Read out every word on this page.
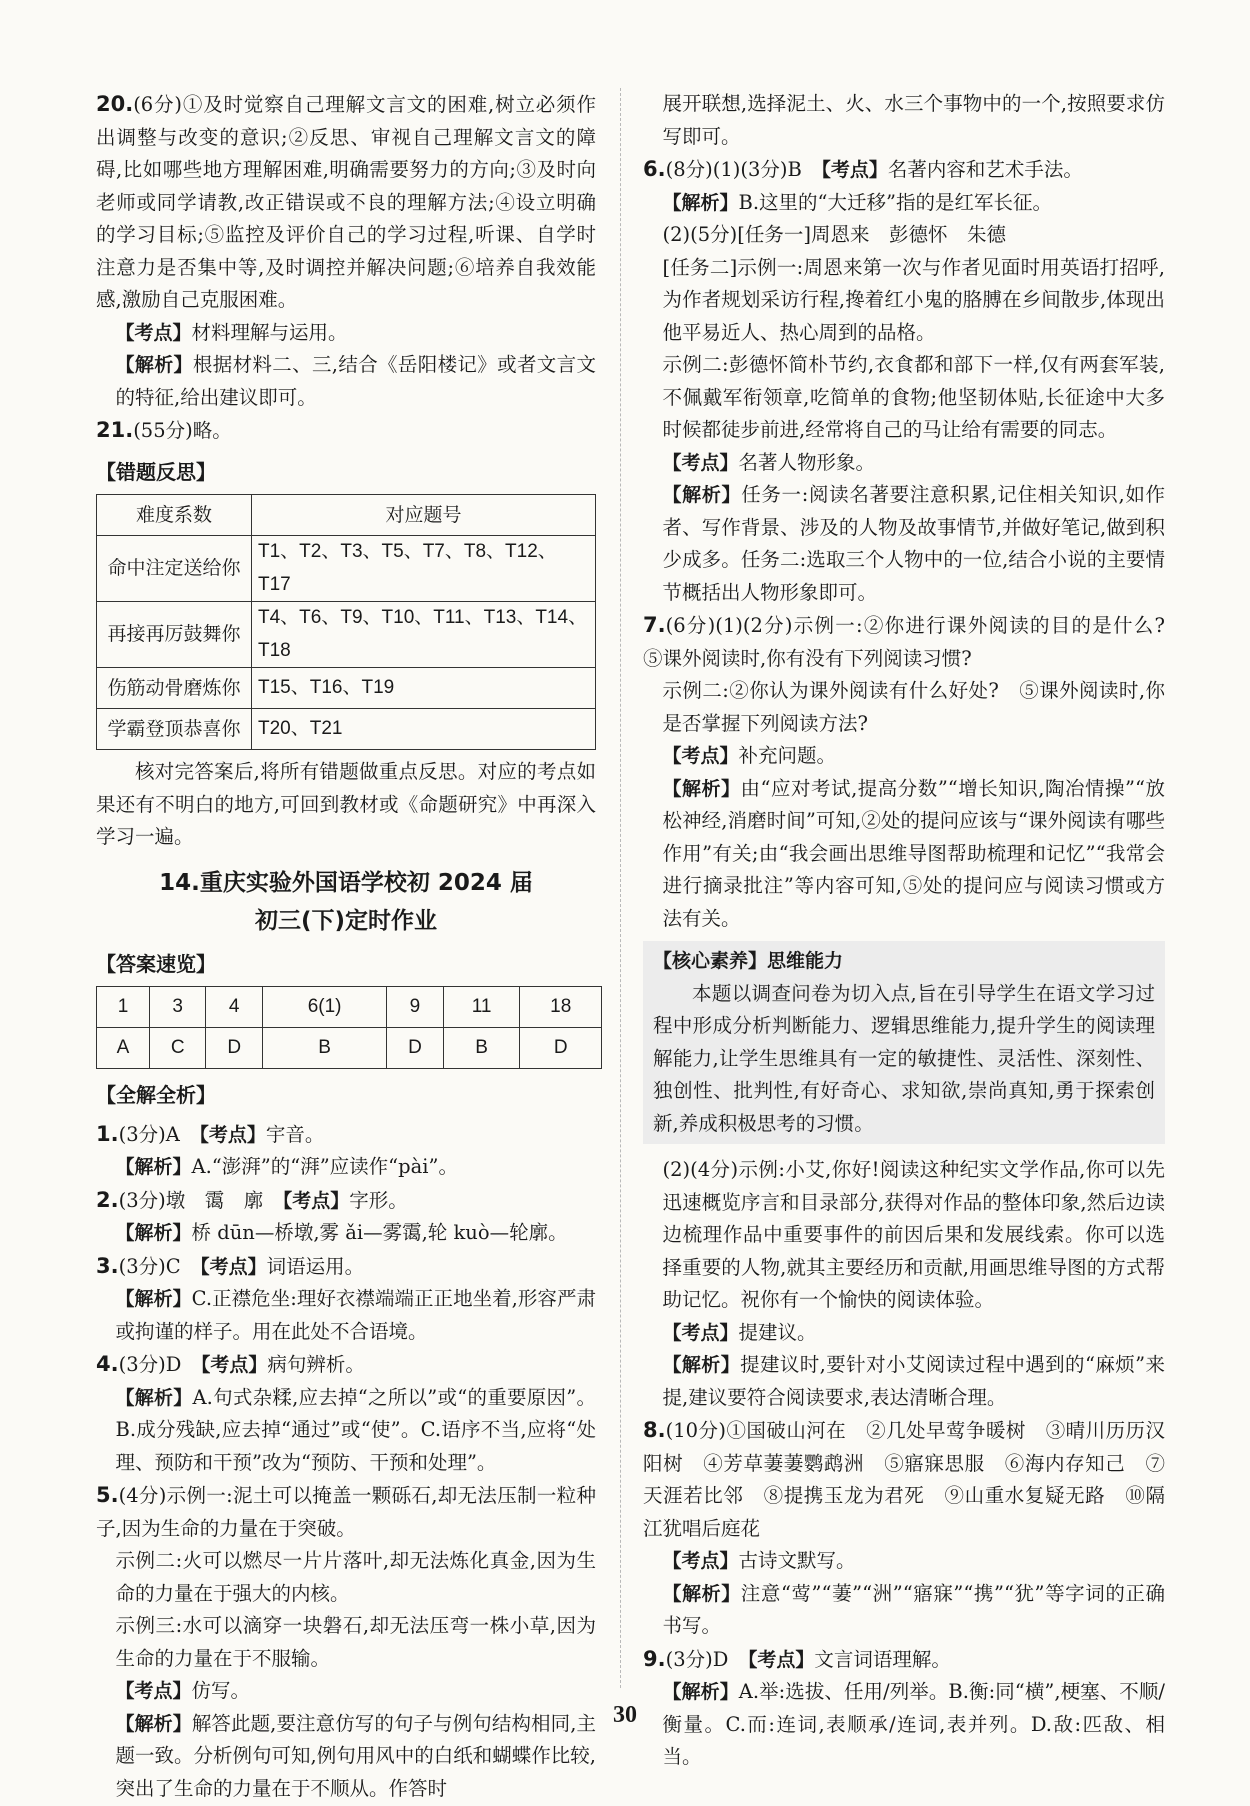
20.(6分)①及时觉察自己理解文言文的困难,树立必须作出调整与改变的意识;②反思、审视自己理解文言文的障碍,比如哪些地方理解困难,明确需要努力的方向;③及时向老师或同学请教,改正错误或不良的理解方法;④设立明确的学习目标;⑤监控及评价自己的学习过程,听课、自学时注意力是否集中等,及时调控并解决问题;⑥培养自我效能感,激励自己克服困难。

【考点】材料理解与运用。

【解析】根据材料二、三,结合《岳阳楼记》或者文言文的特征,给出建议即可。

21.(55分)略。

【错题反思】
难度系数	对应题号
命中注定送给你	T1、T2、T3、T5、T7、T8、T12、T17
再接再厉鼓舞你	T4、T6、T9、T10、T11、T13、T14、T18
伤筋动骨磨炼你	T15、T16、T19
学霸登顶恭喜你	T20、T21

核对完答案后,将所有错题做重点反思。对应的考点如果还有不明白的地方,可回到教材或《命题研究》中再深入学习一遍。

14.重庆实验外国语学校初 2024 届
初三(下)定时作业
【答案速览】
1	3	4	6(1)	9	11	18
A	C	D	B	D	B	D
【全解全析】

1.(3分)A　 【考点】宇音。

【解析】A.“澎湃”的“湃”应读作“pài”。

2.(3分)墩　霭　廓　 【考点】字形。

【解析】桥 dūn—桥墩,雾 ǎi—雾霭,轮 kuò—轮廓。

3.(3分)C　 【考点】词语运用。

【解析】C.正襟危坐:理好衣襟端端正正地坐着,形容严肃或拘谨的样子。用在此处不合语境。

4.(3分)D　 【考点】病句辨析。

【解析】A.句式杂糅,应去掉“之所以”或“的重要原因”。B.成分残缺,应去掉“通过”或“使”。C.语序不当,应将“处理、预防和干预”改为“预防、干预和处理”。

5.(4分)示例一:泥土可以掩盖一颗砾石,却无法压制一粒种子,因为生命的力量在于突破。

示例二:火可以燃尽一片片落叶,却无法炼化真金,因为生命的力量在于强大的内核。

示例三:水可以滴穿一块磐石,却无法压弯一株小草,因为生命的力量在于不服输。

【考点】仿写。

【解析】解答此题,要注意仿写的句子与例句结构相同,主题一致。分析例句可知,例句用风中的白纸和蝴蝶作比较,突出了生命的力量在于不顺从。作答时

展开联想,选择泥土、火、水三个事物中的一个,按照要求仿写即可。

6.(8分)(1)(3分)B　 【考点】名著内容和艺术手法。

【解析】B.这里的“大迁移”指的是红军长征。

(2)(5分)[任务一]周恩来　彭德怀　朱德

[任务二]示例一:周恩来第一次与作者见面时用英语打招呼,为作者规划采访行程,搀着红小鬼的胳膊在乡间散步,体现出他平易近人、热心周到的品格。

示例二:彭德怀简朴节约,衣食都和部下一样,仅有两套军装,不佩戴军衔领章,吃简单的食物;他坚韧体贴,长征途中大多时候都徒步前进,经常将自己的马让给有需要的同志。

【考点】名著人物形象。

【解析】任务一:阅读名著要注意积累,记住相关知识,如作者、写作背景、涉及的人物及故事情节,并做好笔记,做到积少成多。任务二:选取三个人物中的一位,结合小说的主要情节概括出人物形象即可。

7.(6分)(1)(2分)示例一:②你进行课外阅读的目的是什么?　⑤课外阅读时,你有没有下列阅读习惯?

示例二:②你认为课外阅读有什么好处?　⑤课外阅读时,你是否掌握下列阅读方法?

【考点】补充问题。

【解析】由“应对考试,提高分数”“增长知识,陶冶情操”“放松神经,消磨时间”可知,②处的提问应该与“课外阅读有哪些作用”有关;由“我会画出思维导图帮助梳理和记忆”“我常会进行摘录批注”等内容可知,⑤处的提问应与阅读习惯或方法有关。

【核心素养】思维能力

本题以调查问卷为切入点,旨在引导学生在语文学习过程中形成分析判断能力、逻辑思维能力,提升学生的阅读理解能力,让学生思维具有一定的敏捷性、灵活性、深刻性、独创性、批判性,有好奇心、求知欲,崇尚真知,勇于探索创新,养成积极思考的习惯。

(2)(4分)示例:小艾,你好!阅读这种纪实文学作品,你可以先迅速概览序言和目录部分,获得对作品的整体印象,然后边读边梳理作品中重要事件的前因后果和发展线索。你可以选择重要的人物,就其主要经历和贡献,用画思维导图的方式帮助记忆。祝你有一个愉快的阅读体验。

【考点】提建议。

【解析】提建议时,要针对小艾阅读过程中遇到的“麻烦”来提,建议要符合阅读要求,表达清晰合理。

8.(10分)①国破山河在　②几处早莺争暖树　③晴川历历汉阳树　④芳草萋萋鹦鹉洲　⑤寤寐思服　⑥海内存知己　⑦天涯若比邻　⑧提携玉龙为君死　⑨山重水复疑无路　⑩隔江犹唱后庭花

【考点】古诗文默写。

【解析】注意“莺”“萋”“洲”“寤寐”“携”“犹”等字词的正确书写。

9.(3分)D　 【考点】文言词语理解。

【解析】A.举:选拔、任用/列举。B.衡:同“横”,梗塞、不顺/衡量。C.而:连词,表顺承/连词,表并列。D.敌:匹敌、相当。

30
